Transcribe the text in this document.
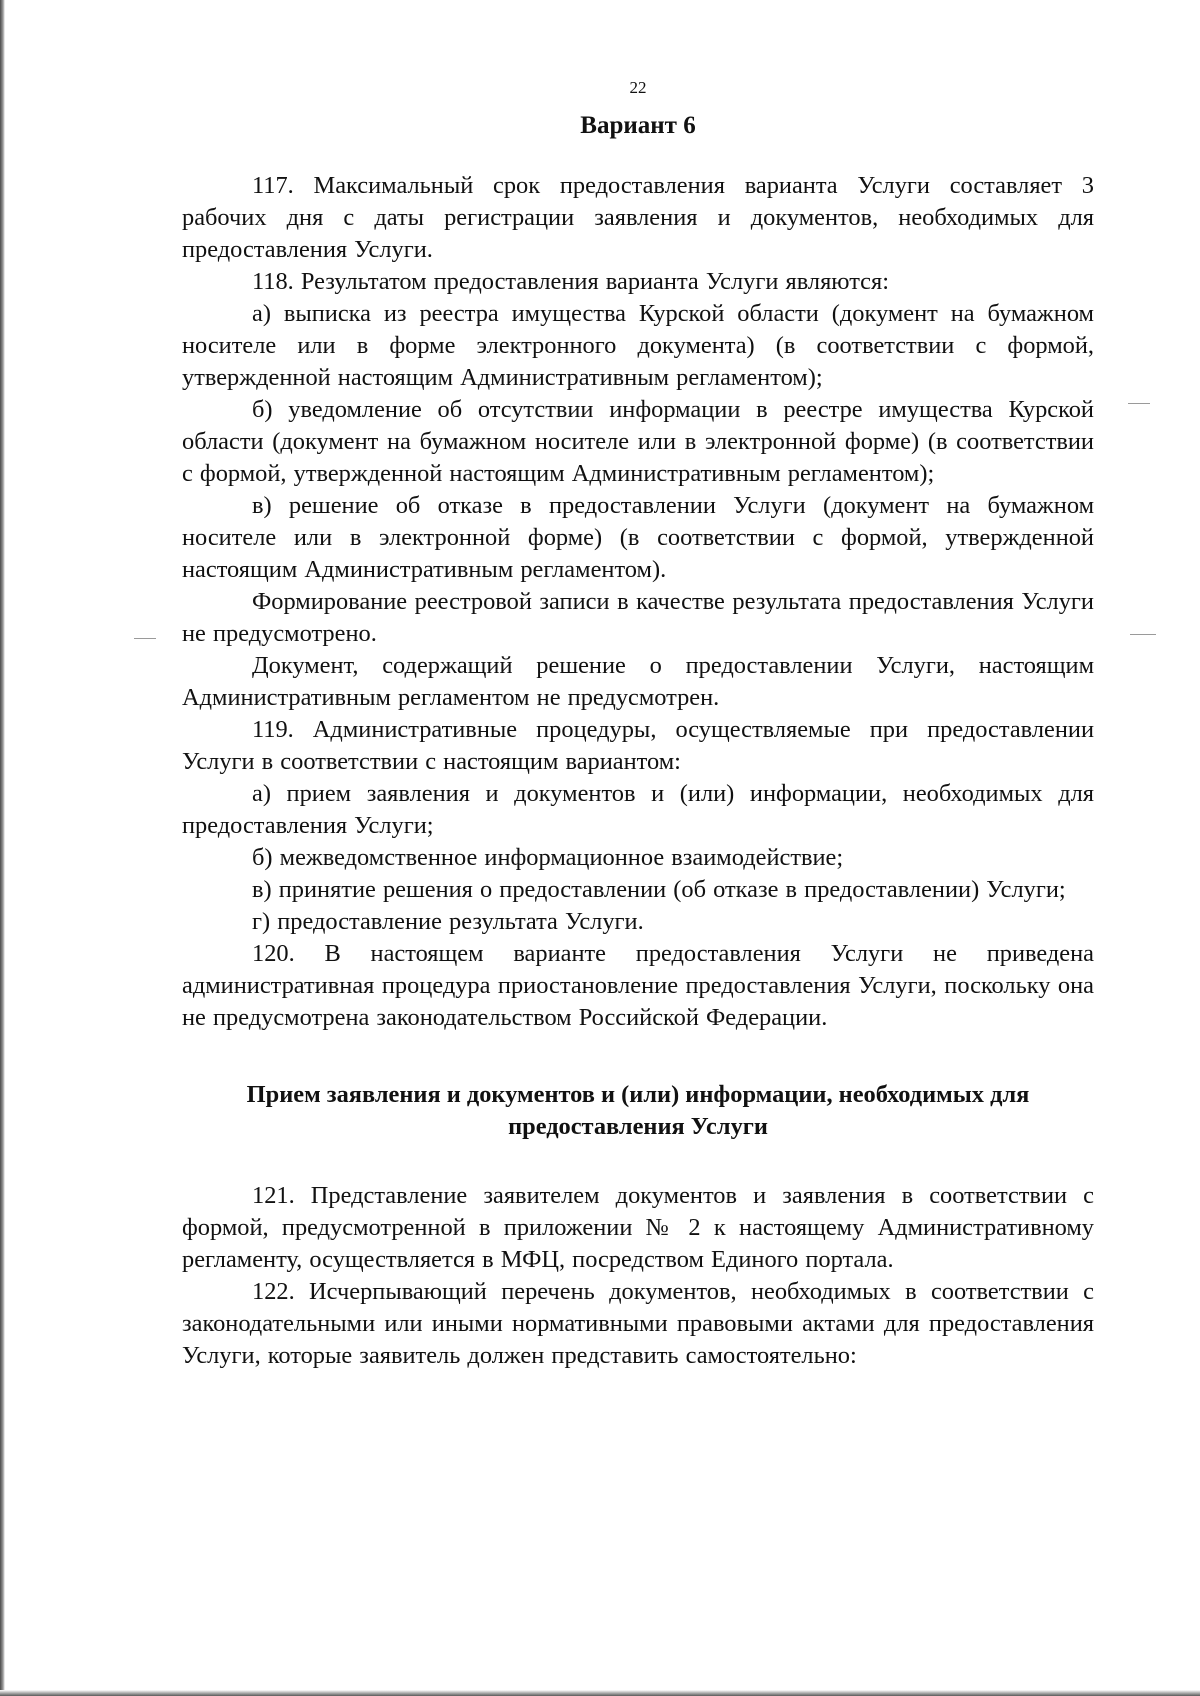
22
Вариант 6

117. Максимальный срок предоставления варианта Услуги составляет 3 рабочих дня с даты регистрации заявления и документов, необходимых для предоставления Услуги.

118. Результатом предоставления варианта Услуги являются:

а) выписка из реестра имущества Курской области (документ на бумажном носителе или в форме электронного документа) (в соответствии с формой, утвержденной настоящим Административным регламентом);

б) уведомление об отсутствии информации в реестре имущества Курской области (документ на бумажном носителе или в электронной форме) (в соответствии с формой, утвержденной настоящим Административным регламентом);

в) решение об отказе в предоставлении Услуги (документ на бумажном носителе или в электронной форме) (в соответствии с формой, утвержденной настоящим Административным регламентом).

Формирование реестровой записи в качестве результата предоставления Услуги не предусмотрено.

Документ, содержащий решение о предоставлении Услуги, настоящим Административным регламентом не предусмотрен.

119. Административные процедуры, осуществляемые при предоставлении Услуги в соответствии с настоящим вариантом:

а) прием заявления и документов и (или) информации, необходимых для предоставления Услуги;

б) межведомственное информационное взаимодействие;

в) принятие решения о предоставлении (об отказе в предоставлении) Услуги;

г) предоставление результата Услуги.

120. В настоящем варианте предоставления Услуги не приведена административная процедура приостановление предоставления Услуги, поскольку она не предусмотрена законодательством Российской Федерации.

Прием заявления и документов и (или) информации, необходимых для предоставления Услуги

121. Представление заявителем документов и заявления в соответствии с формой, предусмотренной в приложении № 2 к настоящему Административному регламенту, осуществляется в МФЦ, посредством Единого портала.

122. Исчерпывающий перечень документов, необходимых в соответствии с законодательными или иными нормативными правовыми актами для предоставления Услуги, которые заявитель должен представить самостоятельно:
